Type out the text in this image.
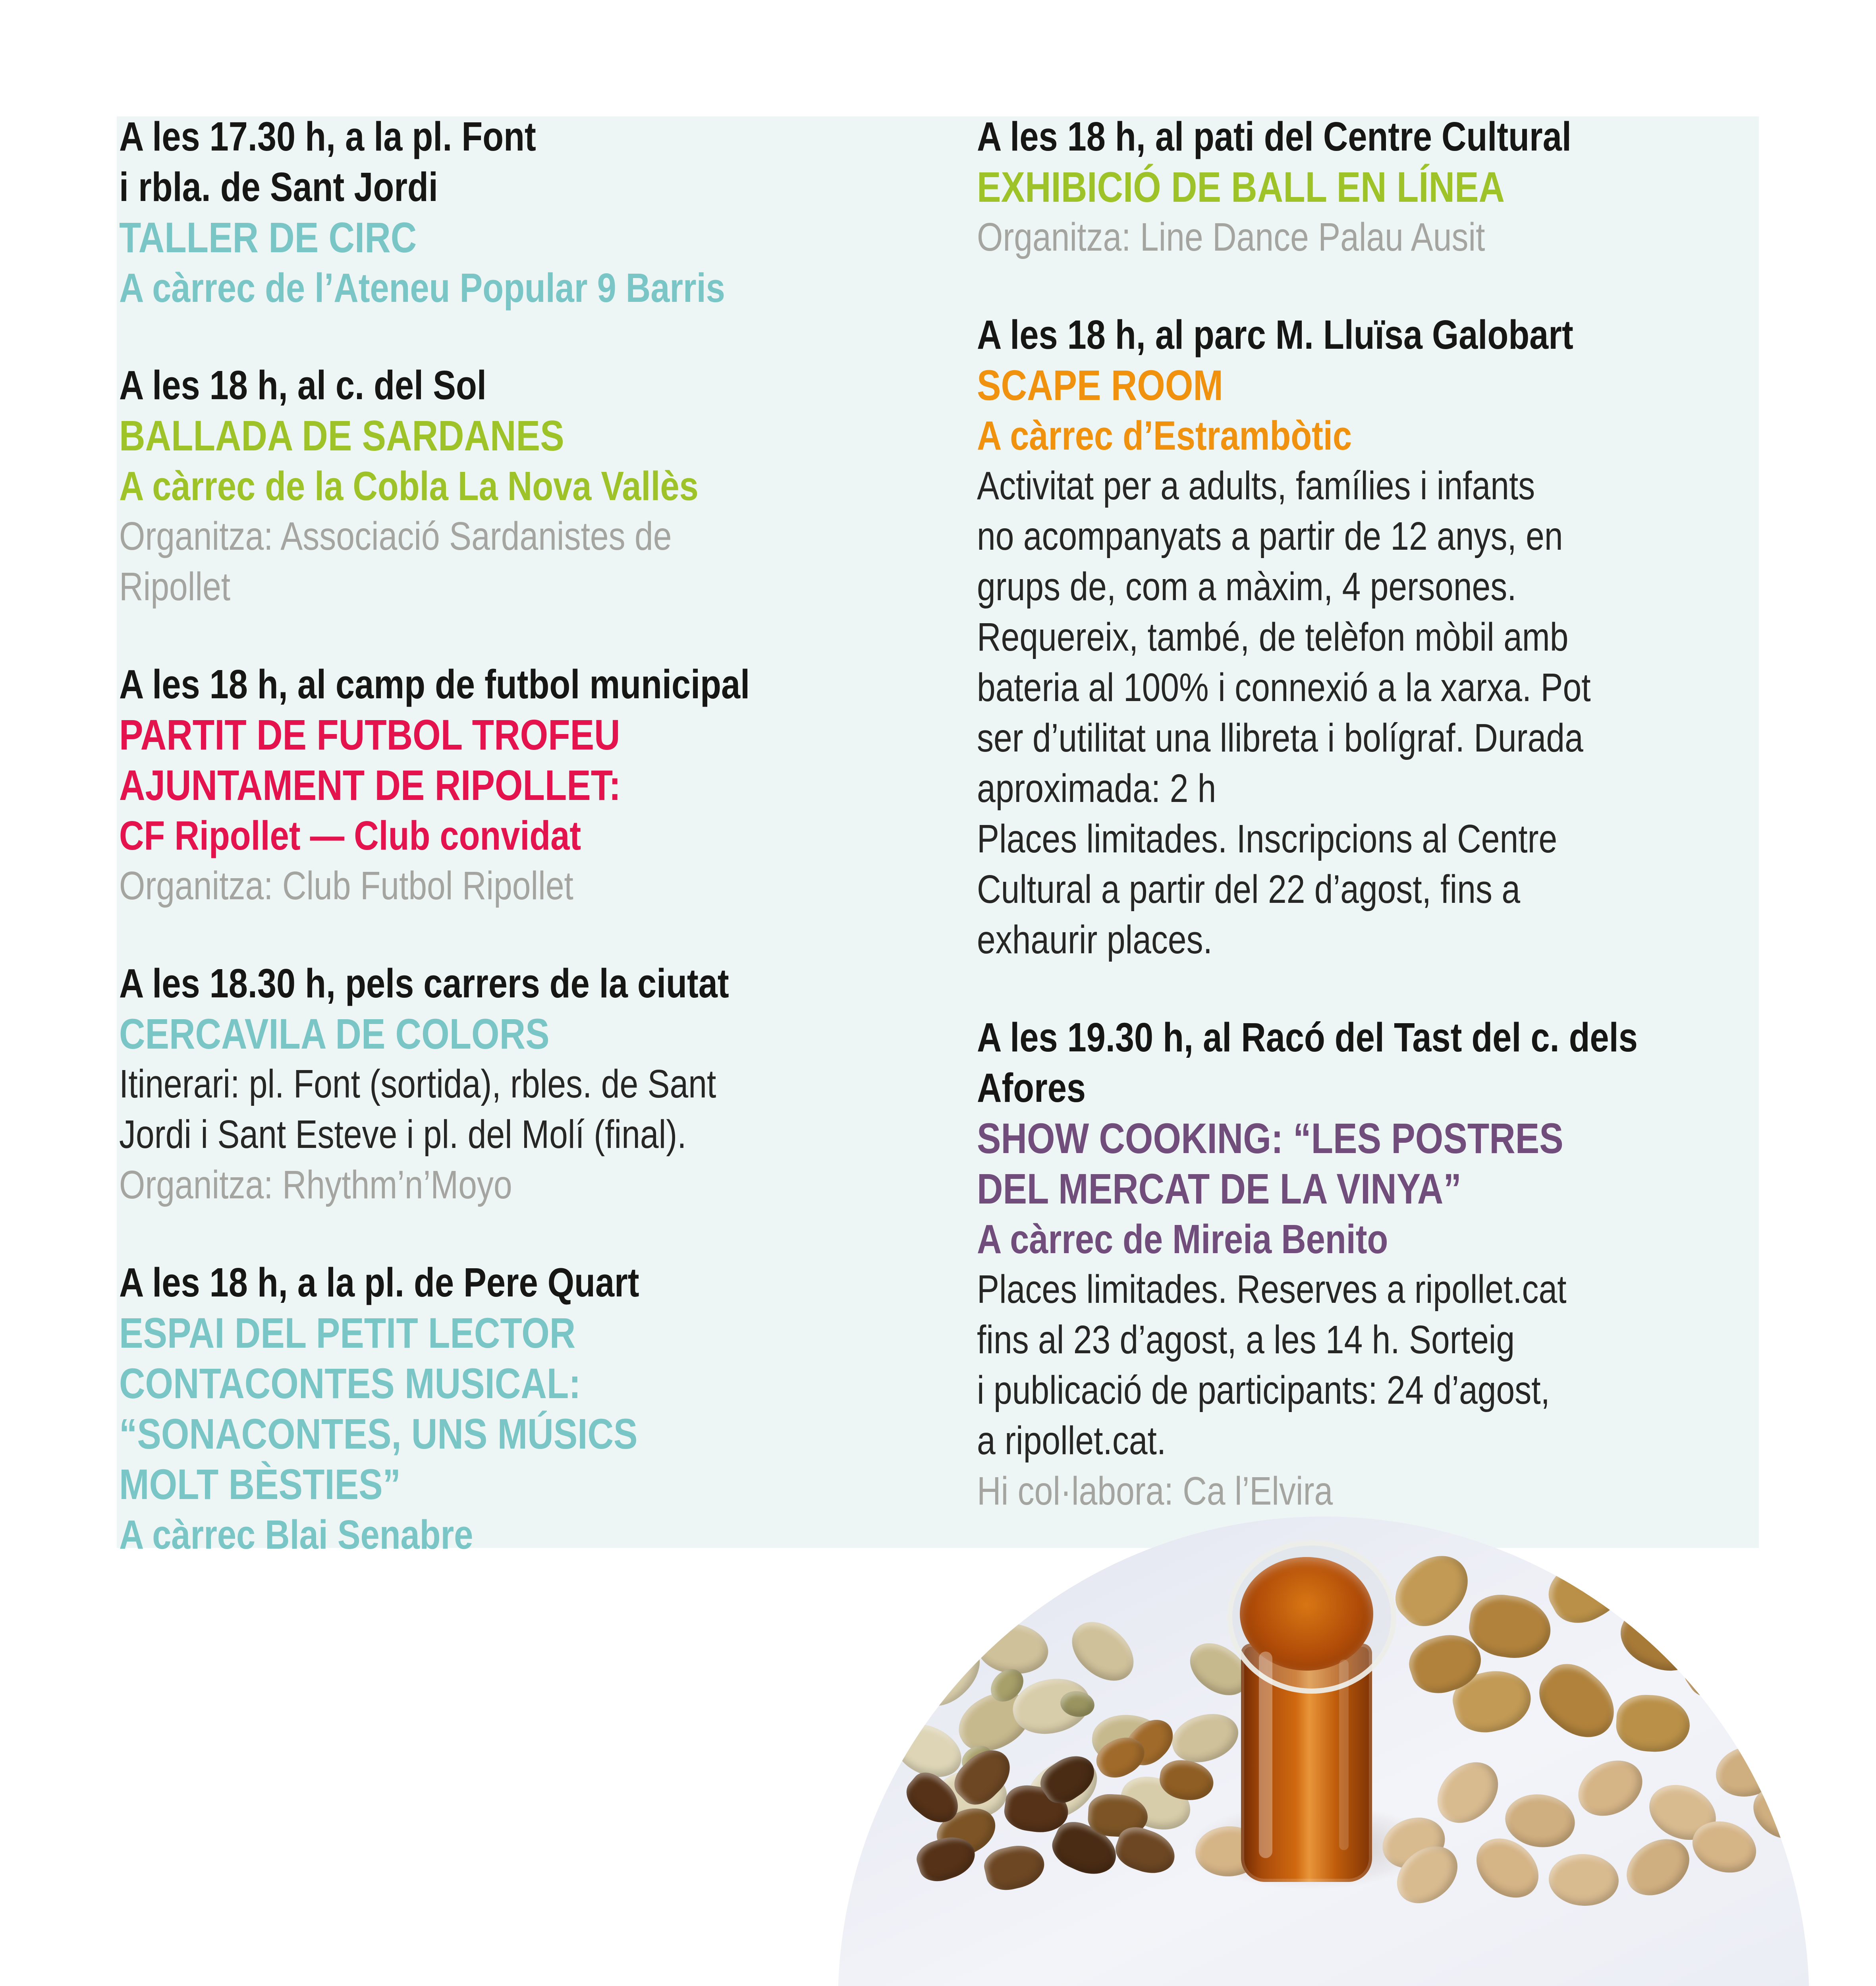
A les 17.30 h, a la pl. Font
i rbla. de Sant Jordi
TALLER DE CIRC
A càrrec de l’Ateneu Popular 9 Barris
A les 18 h, al c. del Sol
BALLADA DE SARDANES
A càrrec de la Cobla La Nova Vallès
Organitza: Associació Sardanistes de
Ripollet
A les 18 h, al camp de futbol municipal
PARTIT DE FUTBOL TROFEU
AJUNTAMENT DE RIPOLLET:
CF Ripollet — Club convidat
Organitza: Club Futbol Ripollet
A les 18.30 h, pels carrers de la ciutat
CERCAVILA DE COLORS
Itinerari: pl. Font (sortida), rbles. de Sant
Jordi i Sant Esteve i pl. del Molí (final).
Organitza: Rhythm’n’Moyo
A les 18 h, a la pl. de Pere Quart
ESPAI DEL PETIT LECTOR
CONTACONTES MUSICAL:
“SONACONTES, UNS MÚSICS
MOLT BÈSTIES”
A càrrec Blai Senabre
A les 18 h, al pati del Centre Cultural
EXHIBICIÓ DE BALL EN LÍNEA
Organitza: Line Dance Palau Ausit
A les 18 h, al parc M. Lluïsa Galobart
SCAPE ROOM
A càrrec d’Estrambòtic
Activitat per a adults, famílies i infants
no acompanyats a partir de 12 anys, en
grups de, com a màxim, 4 persones.
Requereix, també, de telèfon mòbil amb
bateria al 100% i connexió a la xarxa. Pot
ser d’utilitat una llibreta i bolígraf. Durada
aproximada: 2 h
Places limitades. Inscripcions al Centre
Cultural a partir del 22 d’agost, fins a
exhaurir places.
A les 19.30 h, al Racó del Tast del c. dels
Afores
SHOW COOKING: “LES POSTRES
DEL MERCAT DE LA VINYA”
A càrrec de Mireia Benito
Places limitades. Reserves a ripollet.cat
fins al 23 d’agost, a les 14 h. Sorteig
i publicació de participants: 24 d’agost,
a ripollet.cat.
Hi col·labora: Ca l’Elvira
